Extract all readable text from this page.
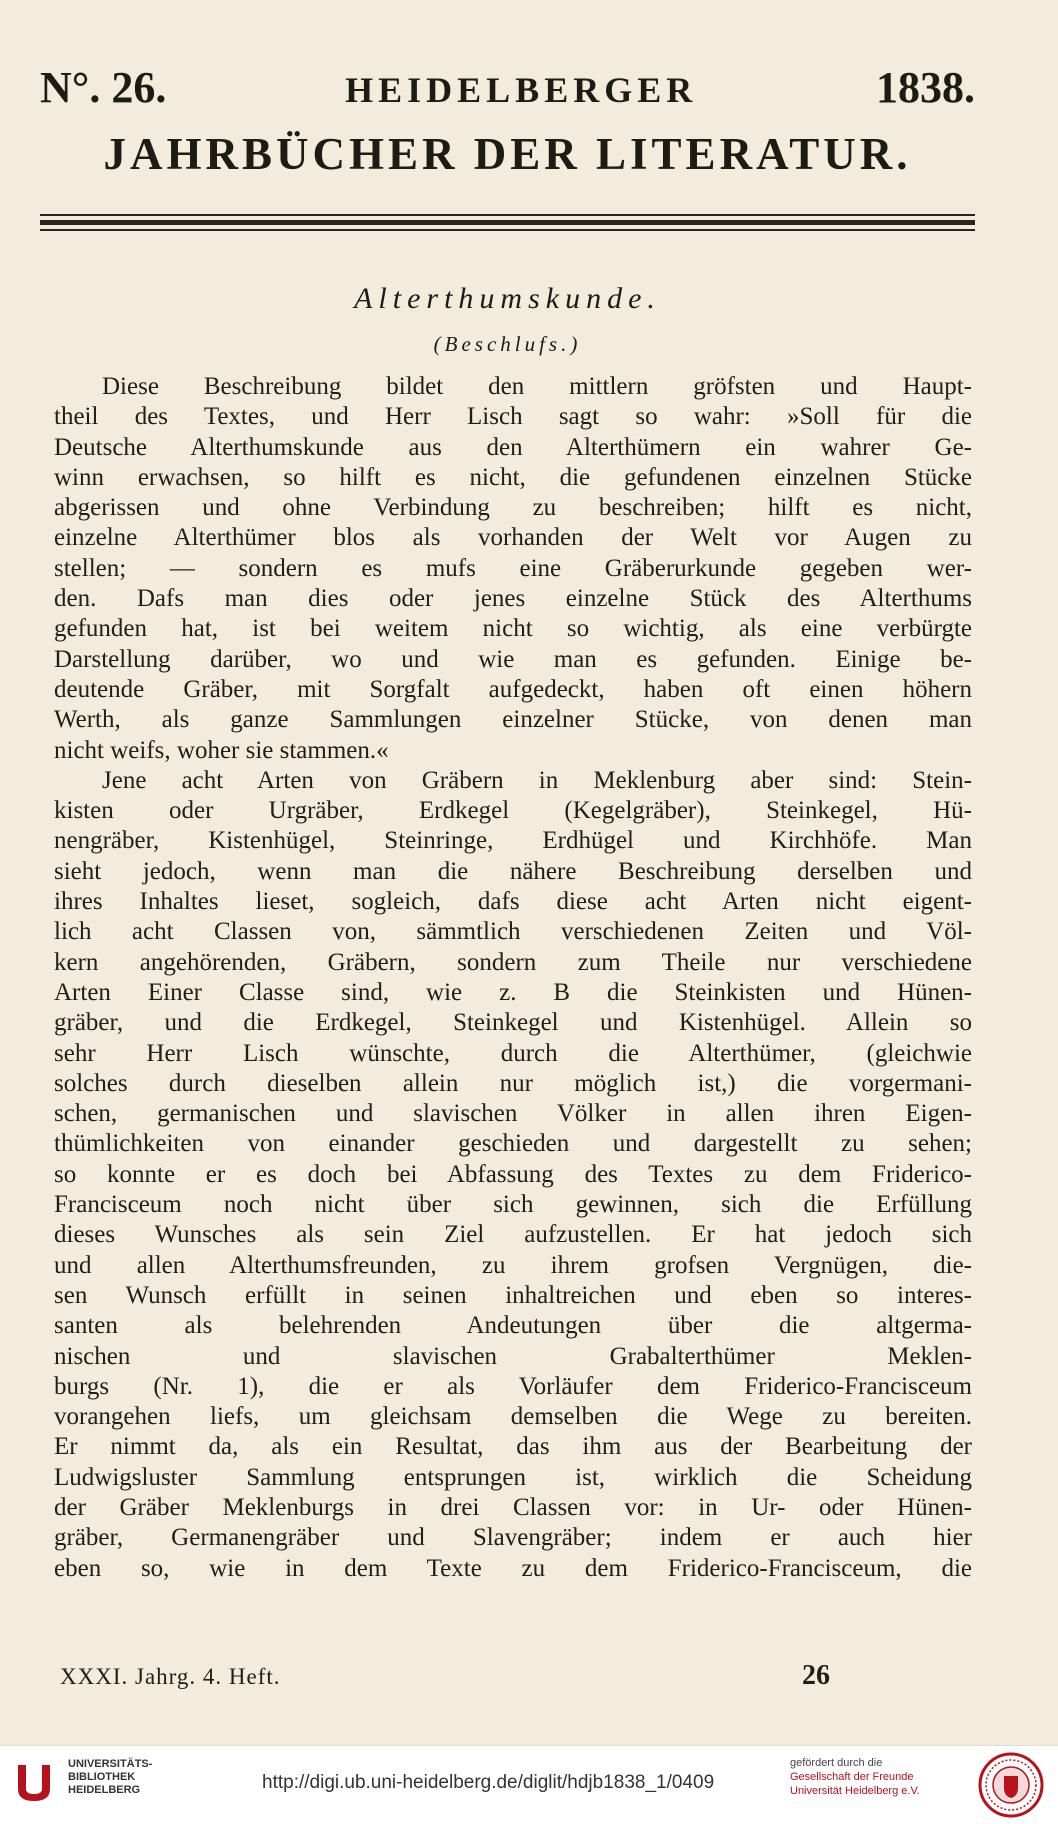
N°. 26.	HEIDELBERGER	1838.
JAHRBÜCHER DER LITERATUR.
Alterthumskunde.
(Beschlufs.)
Diese Beschreibung bildet den mittlern gröfsten und Haupt-
theil des Textes, und Herr Lisch sagt so wahr: »Soll für die
Deutsche Alterthumskunde aus den Alterthümern ein wahrer Ge-
winn erwachsen, so hilft es nicht, die gefundenen einzelnen Stücke
abgerissen und ohne Verbindung zu beschreiben; hilft es nicht,
einzelne Alterthümer blos als vorhanden der Welt vor Augen zu
stellen; — sondern es mufs eine Gräberurkunde gegeben wer-
den. Dafs man dies oder jenes einzelne Stück des Alterthums
gefunden hat, ist bei weitem nicht so wichtig, als eine verbürgte
Darstellung darüber, wo und wie man es gefunden. Einige be-
deutende Gräber, mit Sorgfalt aufgedeckt, haben oft einen höhern
Werth, als ganze Sammlungen einzelner Stücke, von denen man
nicht weifs, woher sie stammen.«
Jene acht Arten von Gräbern in Meklenburg aber sind: Stein-
kisten oder Urgräber, Erdkegel (Kegelgräber), Steinkegel, Hü-
nengräber, Kistenhügel, Steinringe, Erdhügel und Kirchhöfe. Man
sieht jedoch, wenn man die nähere Beschreibung derselben und
ihres Inhaltes lieset, sogleich, dafs diese acht Arten nicht eigent-
lich acht Classen von, sämmtlich verschiedenen Zeiten und Völ-
kern angehörenden, Gräbern, sondern zum Theile nur verschiedene
Arten Einer Classe sind, wie z. B die Steinkisten und Hünen-
gräber, und die Erdkegel, Steinkegel und Kistenhügel. Allein so
sehr Herr Lisch wünschte, durch die Alterthümer, (gleichwie
solches durch dieselben allein nur möglich ist,) die vorgermani-
schen, germanischen und slavischen Völker in allen ihren Eigen-
thümlichkeiten von einander geschieden und dargestellt zu sehen;
so konnte er es doch bei Abfassung des Textes zu dem Friderico-
Francisceum noch nicht über sich gewinnen, sich die Erfüllung
dieses Wunsches als sein Ziel aufzustellen. Er hat jedoch sich
und allen Alterthumsfreunden, zu ihrem grofsen Vergnügen, die-
sen Wunsch erfüllt in seinen inhaltreichen und eben so interes-
santen als belehrenden Andeutungen über die altgerma-
nischen und slavischen Grabalterthümer Meklen-
burgs (Nr. 1), die er als Vorläufer dem Friderico-Francisceum
vorangehen liefs, um gleichsam demselben die Wege zu bereiten.
Er nimmt da, als ein Resultat, das ihm aus der Bearbeitung der
Ludwigsluster Sammlung entsprungen ist, wirklich die Scheidung
der Gräber Meklenburgs in drei Classen vor: in Ur- oder Hünen-
gräber, Germanengräber und Slavengräber; indem er auch hier
eben so, wie in dem Texte zu dem Friderico-Francisceum, die
XXXI. Jahrg. 4. Heft.	26
UNIVERSITÄTS-
BIBLIOTHEK
HEIDELBERG	http://digi.ub.uni-heidelberg.de/diglit/hdjb1838_1/0409
gefördert durch die
Gesellschaft der Freunde
Universität Heidelberg e.V.
